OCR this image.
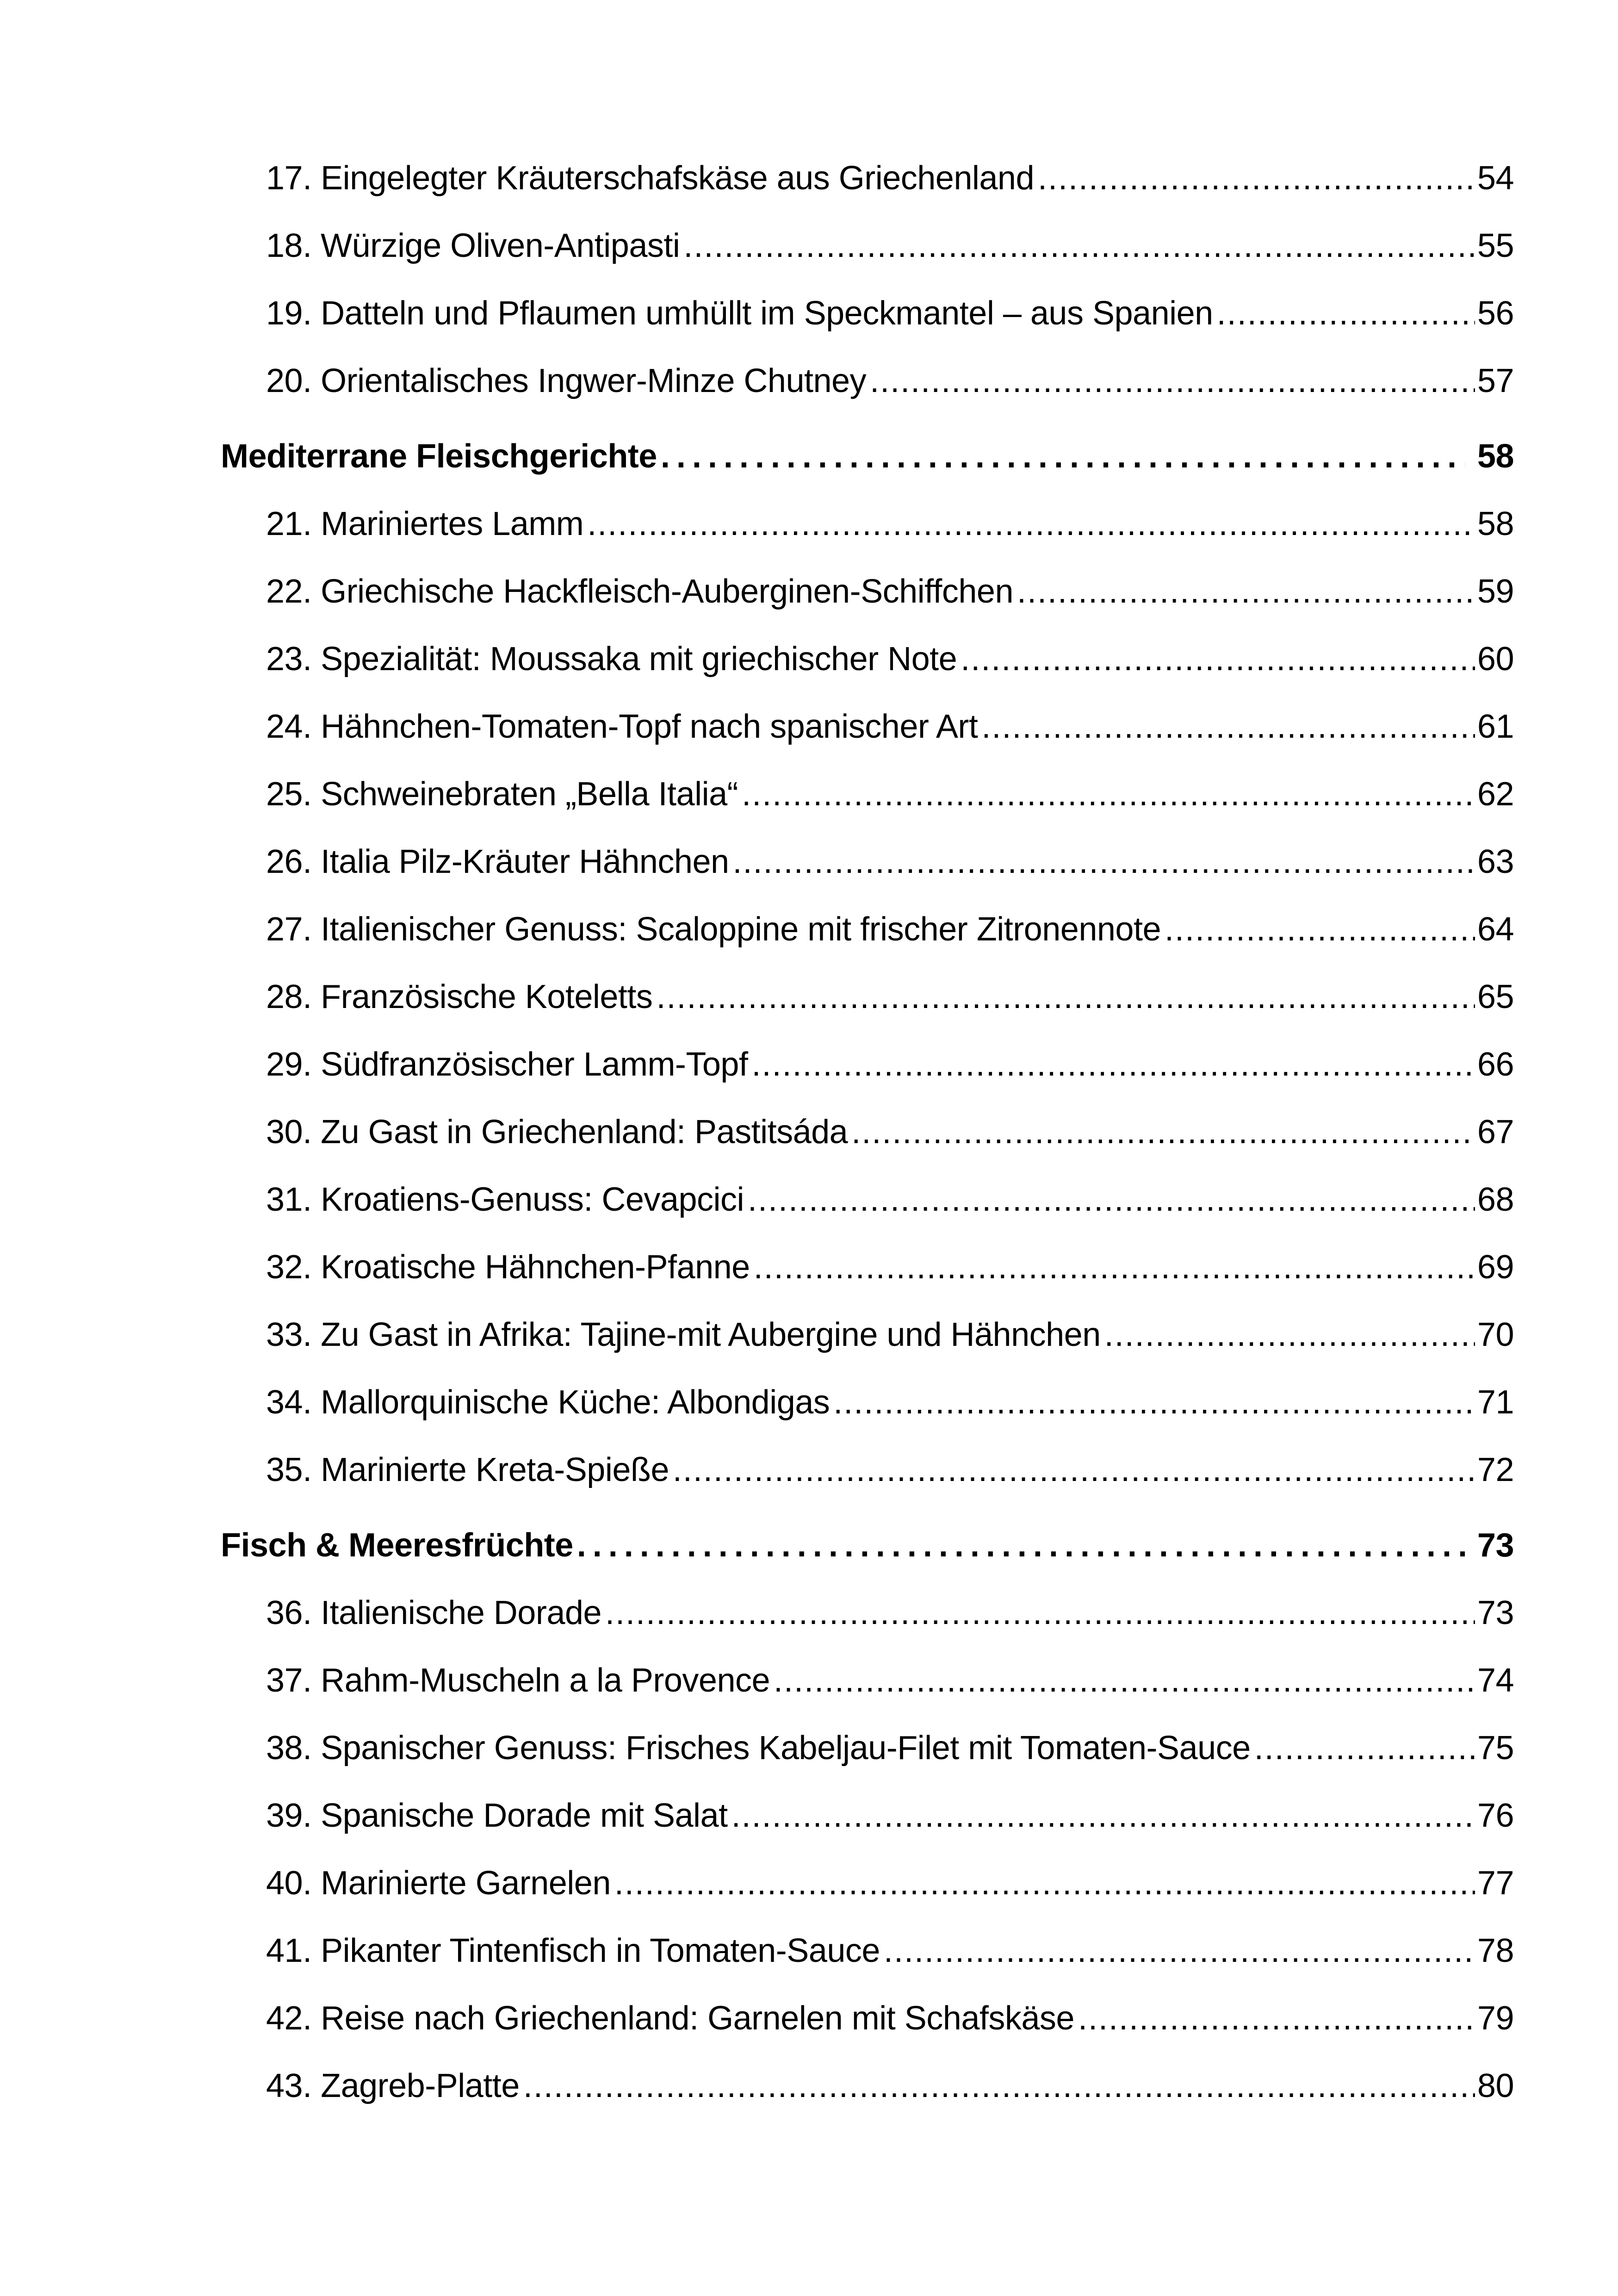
17. Eingelegter Kräuterschafskäse aus Griechenland .....	54
18. Würzige Oliven-Antipasti .....	55
19. Datteln und Pflaumen umhüllt im Speckmantel – aus Spanien .....	56
20. Orientalisches Ingwer-Minze Chutney .....	57
Mediterrane Fleischgerichte .....	58
21. Mariniertes Lamm .....	58
22. Griechische Hackfleisch-Auberginen-Schiffchen .....	59
23. Spezialität: Moussaka mit griechischer Note .....	60
24. Hähnchen-Tomaten-Topf nach spanischer Art .....	61
25. Schweinebraten „Bella Italia“ .....	62
26. Italia Pilz-Kräuter Hähnchen .....	63
27. Italienischer Genuss: Scaloppine mit frischer Zitronennote .....	64
28. Französische Koteletts .....	65
29. Südfranzösischer Lamm-Topf .....	66
30. Zu Gast in Griechenland: Pastitsáda .....	67
31. Kroatiens-Genuss: Cevapcici .....	68
32. Kroatische Hähnchen-Pfanne .....	69
33. Zu Gast in Afrika: Tajine-mit Aubergine und Hähnchen .....	70
34. Mallorquinische Küche: Albondigas .....	71
35. Marinierte Kreta-Spieße .....	72
Fisch & Meeresfrüchte .....	73
36. Italienische Dorade .....	73
37. Rahm-Muscheln a la Provence .....	74
38. Spanischer Genuss: Frisches Kabeljau-Filet mit Tomaten-Sauce .....	75
39. Spanische Dorade mit Salat .....	76
40. Marinierte Garnelen .....	77
41. Pikanter Tintenfisch in Tomaten-Sauce .....	78
42. Reise nach Griechenland: Garnelen mit Schafskäse .....	79
43. Zagreb-Platte .....	80
